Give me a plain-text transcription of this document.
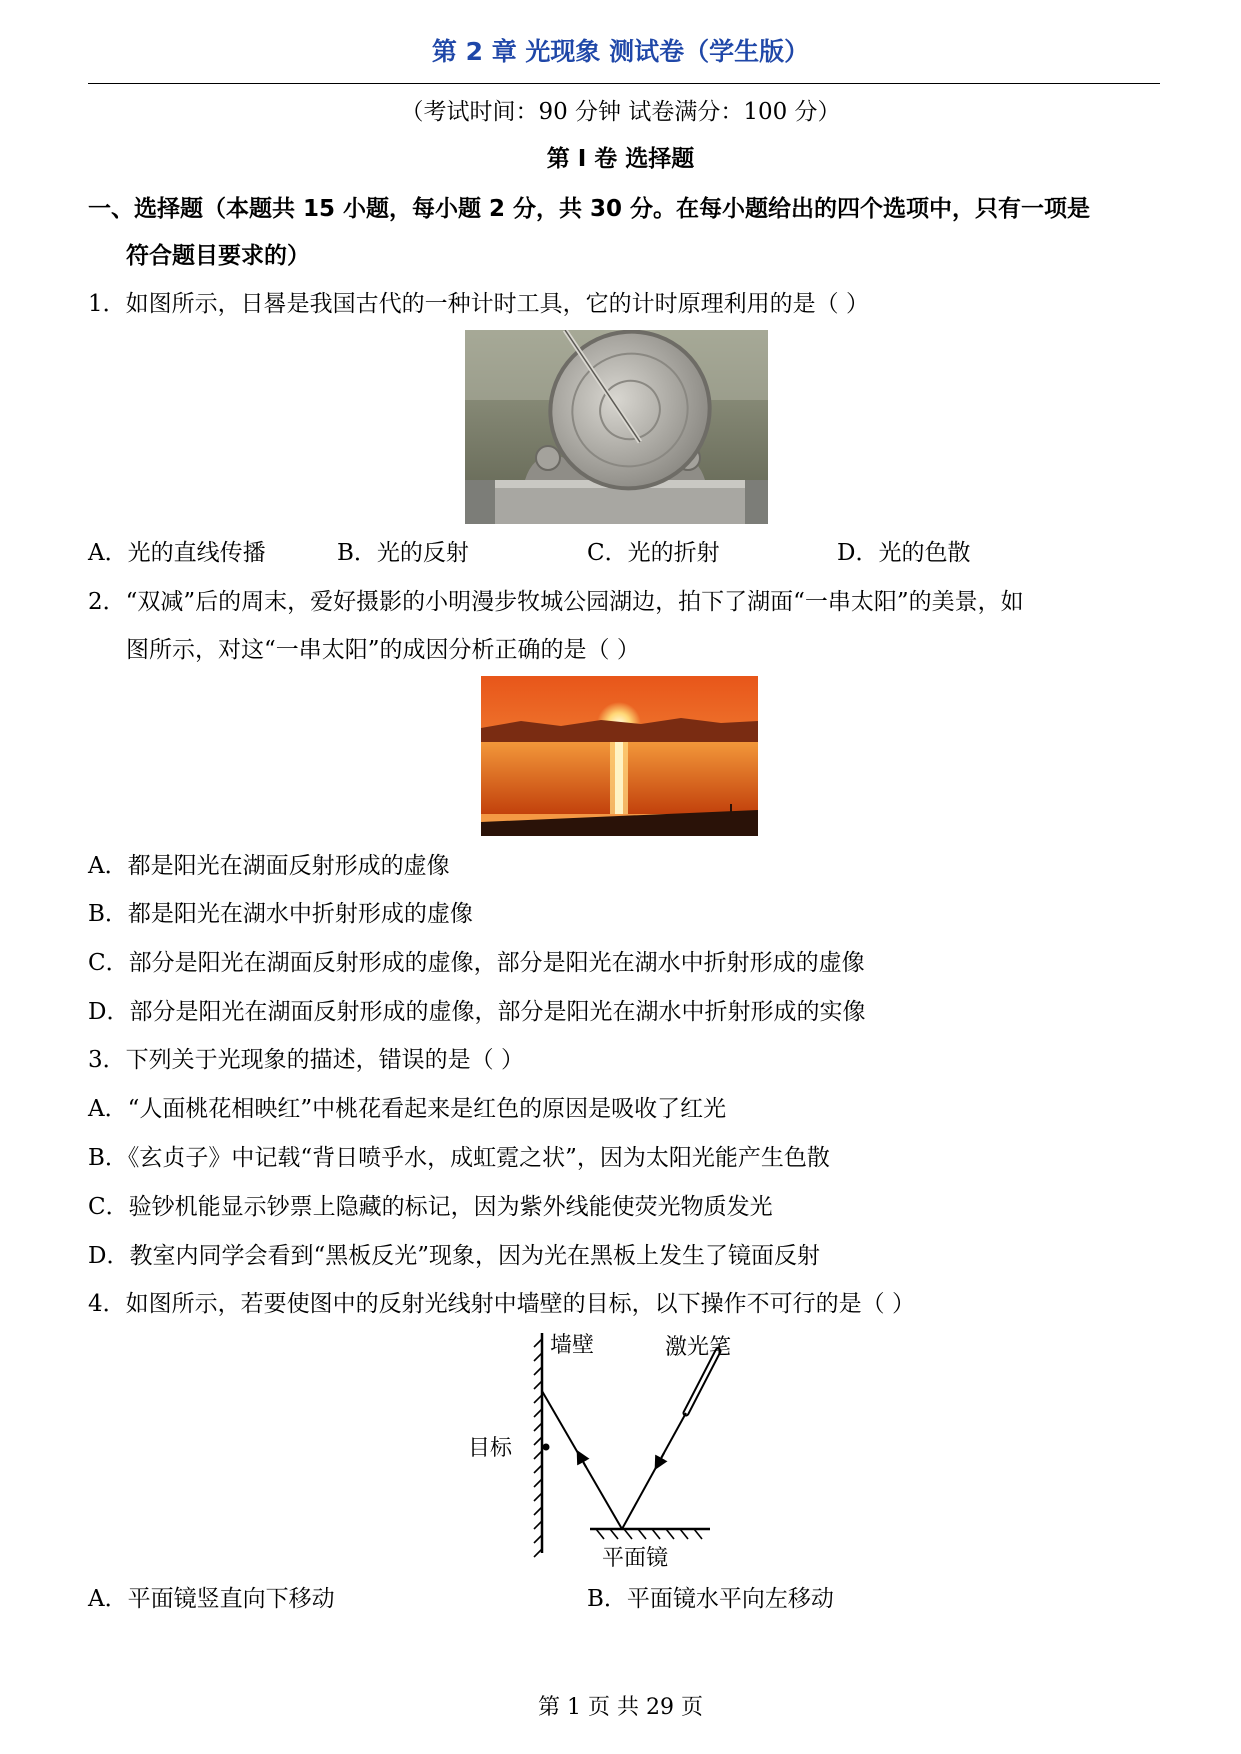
第 2 章 光现象 测试卷（学生版）
（考试时间：90 分钟 试卷满分：100 分）
第 I 卷 选择题
一、选择题（本题共 15 小题，每小题 2 分，共 30 分。在每小题给出的四个选项中，只有一项是
符合题目要求的）
1．如图所示，日晷是我国古代的一种计时工具，它的计时原理利用的是（ ）
A．光的直线传播	B．光的反射	C．光的折射	D．光的色散
2．“双减”后的周末，爱好摄影的小明漫步牧城公园湖边，拍下了湖面“一串太阳”的美景，如
图所示，对这“一串太阳”的成因分析正确的是（ ）
A．都是阳光在湖面反射形成的虚像
B．都是阳光在湖水中折射形成的虚像
C．部分是阳光在湖面反射形成的虚像，部分是阳光在湖水中折射形成的虚像
D．部分是阳光在湖面反射形成的虚像，部分是阳光在湖水中折射形成的实像
3．下列关于光现象的描述，错误的是（ ）
A．“人面桃花相映红”中桃花看起来是红色的原因是吸收了红光
B．《玄贞子》中记载“背日喷乎水，成虹霓之状”，因为太阳光能产生色散
C．验钞机能显示钞票上隐藏的标记，因为紫外线能使荧光物质发光
D．教室内同学会看到“黑板反光”现象，因为光在黑板上发生了镜面反射
4．如图所示，若要使图中的反射光线射中墙壁的目标，以下操作不可行的是（ ）
墙壁	激光笔
目标
平面镜
A．平面镜竖直向下移动	B．平面镜水平向左移动
第 1 页 共 29 页
